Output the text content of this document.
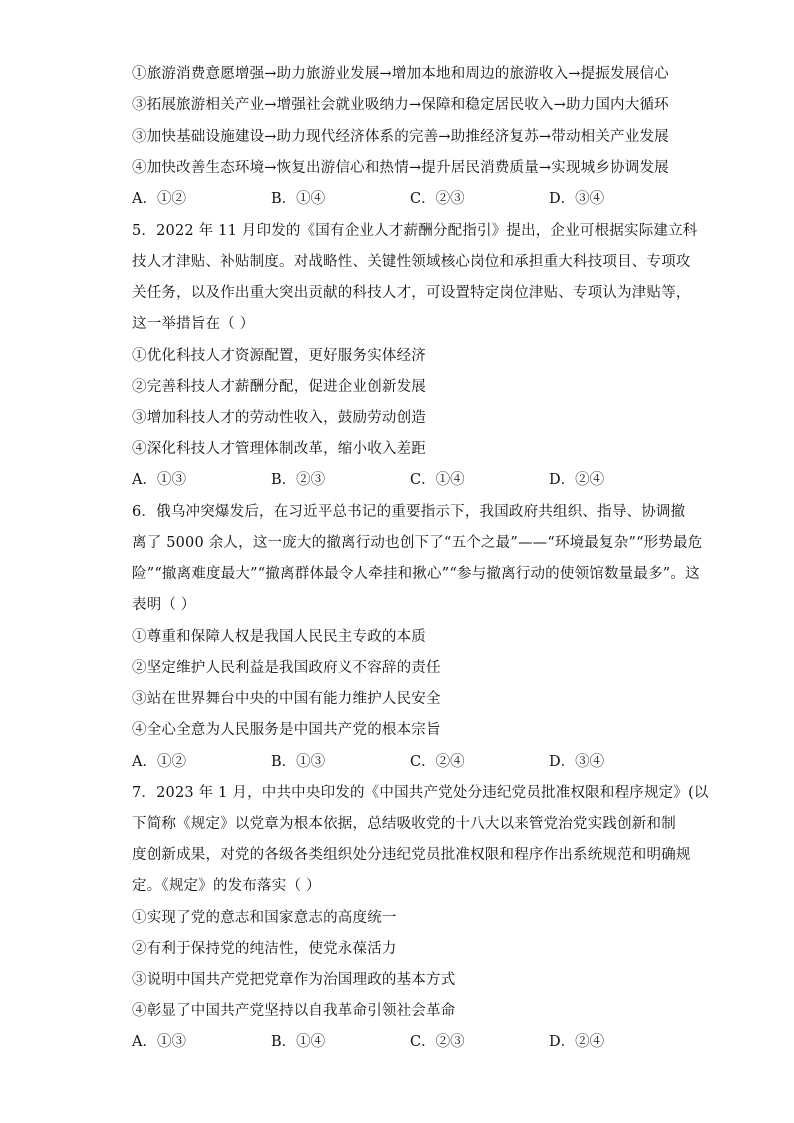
①旅游消费意愿增强→助力旅游业发展→增加本地和周边的旅游收入→提振发展信心
③拓展旅游相关产业→增强社会就业吸纳力→保障和稳定居民收入→助力国内大循环
③加快基础设施建设→助力现代经济体系的完善→助推经济复苏→带动相关产业发展
④加快改善生态环境→恢复出游信心和热情→提升居民消费质量→实现城乡协调发展
A．①②	B．①④	C．②③	D．③④
5．2022 年 11 月印发的《国有企业人才薪酬分配指引》提出，企业可根据实际建立科
技人才津贴、补贴制度。对战略性、关键性领域核心岗位和承担重大科技项目、专项攻
关任务，以及作出重大突出贡献的科技人才，可设置特定岗位津贴、专项认为津贴等，
这一举措旨在（ ）
①优化科技人才资源配置，更好服务实体经济
②完善科技人才薪酬分配，促进企业创新发展
③增加科技人才的劳动性收入，鼓励劳动创造
④深化科技人才管理体制改革，缩小收入差距
A．①③	B．②③	C．①④	D．②④
6．俄乌冲突爆发后，在习近平总书记的重要指示下，我国政府共组织、指导、协调撤
离了 5000 余人，这一庞大的撤离行动也创下了“五个之最”——“环境最复杂”“形势最危
险”“撤离难度最大”“撤离群体最令人牵挂和揪心”“参与撤离行动的使领馆数量最多”。这
表明（ ）
①尊重和保障人权是我国人民民主专政的本质
②坚定维护人民利益是我国政府义不容辞的责任
③站在世界舞台中央的中国有能力维护人民安全
④全心全意为人民服务是中国共产党的根本宗旨
A．①②	B．①③	C．②④	D．③④
7．2023 年 1 月，中共中央印发的《中国共产党处分违纪党员批准权限和程序规定》(以
下简称《规定》以党章为根本依据，总结吸收党的十八大以来管党治党实践创新和制
度创新成果，对党的各级各类组织处分违纪党员批准权限和程序作出系统规范和明确规
定。《规定》的发布落实（ ）
①实现了党的意志和国家意志的高度统一
②有利于保持党的纯洁性，使党永葆活力
③说明中国共产党把党章作为治国理政的基本方式
④彰显了中国共产党坚持以自我革命引领社会革命
A．①③	B．①④	C．②③	D．②④
